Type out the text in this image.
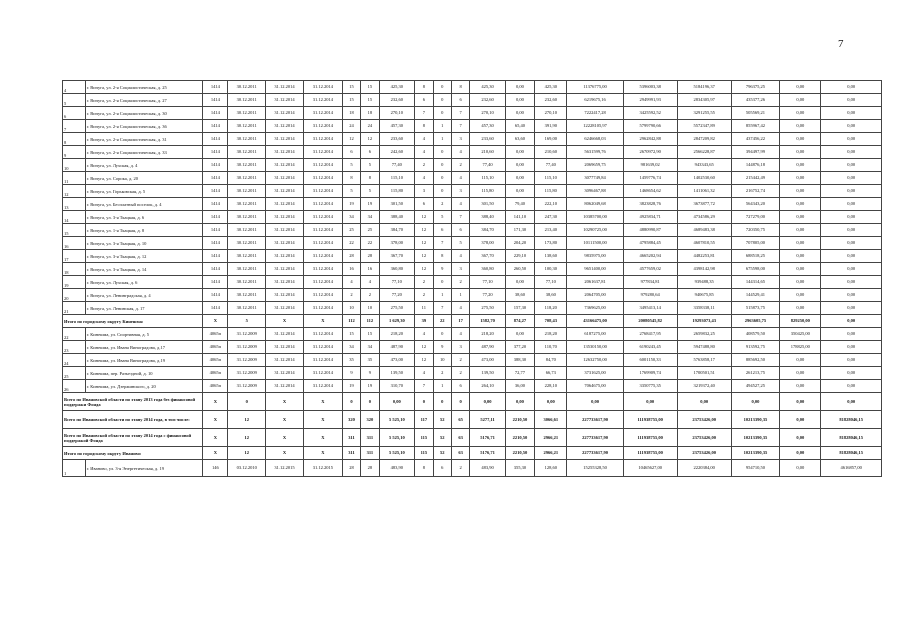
7
4	г. Вичуга, ул. 2-я Социалистическая, д. 25	1414	30.12.2011	31.12.2014	31.12.2014	15	15	425,30	8	0	8	425,30	0,00	425,30	11376775,00	5396003,38	5184196,37	796375,25	0,00	0,00
5	г. Вичуга, ул. 2-я Социалистическая, д. 27	1414	30.12.2011	31.12.2014	31.12.2014	15	15	232,60	6	0	6	232,60	0,00	232,60	6219675,16	2949991,93	2834305,97	435377,26	0,00	0,00
6	г. Вичуга, ул. 2-я Социалистическая, д. 30	1414	30.12.2011	31.12.2014	31.12.2014	18	18	270,10	7	0	7	270,10	0,00	270,10	7222417,28	3425592,52	3291255,55	505569,21	0,00	0,00
7	г. Вичуга, ул. 2-я Социалистическая, д. 36	1414	30.12.2011	31.12.2014	31.12.2014	24	24	457,30	8	1	7	457,30	65,40	391,90	12228105,97	5799790,66	5572347,89	855967,42	0,00	0,00
8	г. Вичуга, ул. 2-я Социалистическая, д. 31	1414	30.12.2011	31.12.2014	31.12.2014	12	12	233,60	4	1	3	233,60	63,60	169,00	6246668,03	2962842,88	2847209,82	437456,22	0,00	0,00
9	г. Вичуга, ул. 2-я Социалистическая, д. 33	1414	30.12.2011	31.12.2014	31.12.2014	6	6	242,60	4	0	4	210,60	0,00	210,60	5631599,76	2670972,90	2566228,87	394497,99	0,00	0,00
10	г. Вичуга, ул. Лухская, д. 4	1414	30.12.2011	31.12.2014	31.12.2014	5	5	77,40	2	0	2	77,40	0,00	77,40	2069659,75	981639,02	943343,65	144876,18	0,00	0,00
11	г. Вичуга, ул. Сорока, д. 20	1414	30.12.2011	31.12.2014	31.12.2014	8	8	115,10	4	0	4	115,10	0,00	115,10	3077749,84	1459776,74	1402530,60	215442,49	0,00	0,00
12	г. Вичуга, ул. Горьковская, д. 5	1414	30.12.2011	31.12.2014	31.12.2014	5	5	115,80	3	0	3	115,80	0,00	115,80	3096467,88	1468654,62	1411061,32	216752,74	0,00	0,00
13	г. Вичуга, ул. Бесплатный поселок, д. 4	1414	30.12.2011	31.12.2014	31.12.2014	19	19	301,50	6	2	4	301,50	79,40	222,10	8062049,68	3823828,76	3673877,72	564343,20	0,00	0,00
14	г. Вичуга, ул. 3-я Ткацкая, д. 6	1414	30.12.2011	31.12.2014	31.12.2014	34	34	388,40	12	5	7	388,40	141,10	247,30	10385700,00	4925834,71	4734586,29	727279,00	0,00	0,00
15	г. Вичуга, ул. 1-я Ткацкая, д. 8	1414	30.12.2011	31.12.2014	31.12.2014	25	25	384,70	12	6	6	384,70	171,30	213,40	10290725,00	4880990,87	4689483,38	720350,75	0,00	0,00
16	г. Вичуга, ул. 3-я Ткацкая, д. 10	1414	30.12.2011	31.12.2014	31.12.2014	22	22	378,00	12	7	5	378,00	204,20	173,80	10111500,00	4795884,45	4607810,55	707805,00	0,00	0,00
17	г. Вичуга, ул. 3-я Ткацкая, д. 12	1414	30.12.2011	31.12.2014	31.12.2014	28	28	367,70	12	8	4	367,70	229,10	138,60	9835975,00	4665202,94	4482253,81	688518,25	0,00	0,00
18	г. Вичуга, ул. 3-я Ткацкая, д. 14	1414	30.12.2011	31.12.2014	31.12.2014	16	16	360,80	12	9	3	360,80	260,50	100,30	9651400,00	4577659,02	4398142,98	675598,00	0,00	0,00
19	г. Вичуга, ул. Лухская, д. 6	1414	30.12.2011	31.12.2014	31.12.2014	4	4	77,10	2	0	2	77,10	0,00	77,10	2061637,81	977834,81	939488,35	144314,65	0,00	0,00
20	г. Вичуга, ул. Ленинградская, д. 4	1414	30.12.2011	31.12.2014	31.12.2014	2	2	77,20	2	1	1	77,20	38,60	38,60	2064705,00	979280,64	940675,85	144529,41	0,00	0,00
21	г. Вичуга, ул. Ленинская, д. 17	1414	30.12.2011	31.12.2014	31.12.2014	10	10	275,50	11	7	4	275,50	157,30	118,20	7369625,00	3495413,14	3358338,11	515873,75	0,00	0,00
Итого по городскому округу Кинешма:		X	5	X	X	112	112	1 629,30	39	22	17	1582,70	874,27	708,43	43166475,00	20080545,82	19293073,43	2963605,75	829250,00	0,00
22	г. Кинешма, ул. Спортивная, д. 5	4065п	31.12.2009	31.12.2014	31.12.2014	15	15	218,20	4	0	4	218,20	0,00	218,20	6187275,00	2768417,95	2659832,25	408579,50	350425,00	0,00
23	г. Кинешма, ул. Ивана Виноградова, д.17	4065п	31.12.2009	31.12.2014	31.12.2014	34	34	487,90	12	9	3	487,90	377,20	110,70	13530150,00	6190243,45	5947488,80	913592,75	178825,00	0,00
24	г. Кинешма, ул. Ивана Виноградова, д.19	4065п	31.12.2009	31.12.2014	31.12.2014	35	35	473,00	12	10	2	473,00	388,30	84,70	12632750,00	6001150,33	5763858,17	885692,50	0,00	0,00
25	г. Кинешма, пер. Разъездной, д. 10	4065п	31.12.2009	31.12.2014	31.12.2014	9	9	139,50	4	2	2	139,50	72,77	66,73	3731625,00	1769909,74	1700501,51	261213,75	0,00	0,00
26	г. Кинешма, ул. Дзержинского, д. 20	4065п	31.12.2009	31.12.2014	31.12.2014	19	19	310,70	7	1	6	264,10	36,00	228,10	7064675,00	3350775,35	3219372,40	494527,25	0,00	0,00
Всего по Ивановской области по этапу 2013 года без финансовой поддержки Фонда		X	0	X	X	0	0	0,00	0	0	0	0,00	0,00	0,00	0,00	0,00	0,00	0,00	0,00	0,00
Всего по Ивановской области по этапу 2014 года, в том числе:		X	12	X	X	320	320	5 525,10	117	52	65	5277,11	2210,50	3066,61	227733617,90	111938755,00	23753426,00	10213390,35	0,00	81828046,15
Всего по Ивановской области по этапу 2014 года с финансовой поддержкой Фонда		X	12	X	X	311	311	5 525,10	115	52	63	5176,71	2210,50	2966,21	227733617,90	111938755,00	23753426,00	10213390,35	0,00	81828046,15
Итого по городскому округу Иваново:		X	12	X	X	311	311	5 525,10	115	52	63	5176,71	2210,50	2966,21	227733617,90	111938755,00	23753426,00	10213390,35	0,00	81828046,15
1	г. Иваново, ул. 3-я Энергетическая, д. 19	146	03.12.2010	31.12.2015	31.12.2015	28	28	483,90	8	6	2	483,90	355,30	128,60	15255328,50	10465627,00	2220384,00	954710,50	0,00	4616857,00
